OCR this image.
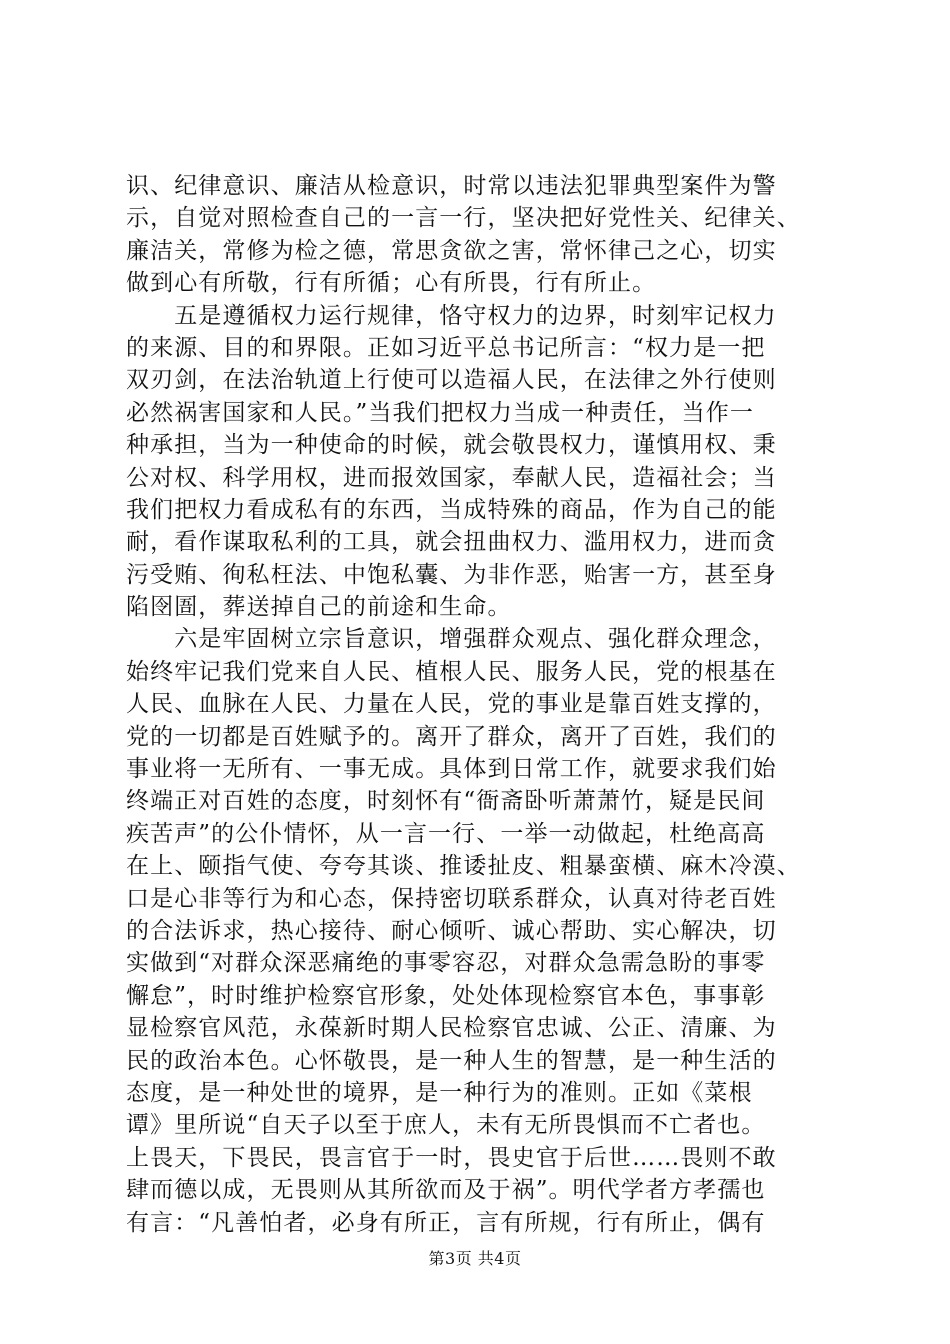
识、纪律意识、廉洁从检意识，时常以违法犯罪典型案件为警
示，自觉对照检查自己的一言一行，坚决把好党性关、纪律关、
廉洁关，常修为检之德，常思贪欲之害，常怀律己之心，切实
做到心有所敬，行有所循；心有所畏，行有所止。
　　五是遵循权力运行规律，恪守权力的边界，时刻牢记权力
的来源、目的和界限。正如习近平总书记所言：“权力是一把
双刃剑，在法治轨道上行使可以造福人民，在法律之外行使则
必然祸害国家和人民。”当我们把权力当成一种责任，当作一
种承担，当为一种使命的时候，就会敬畏权力，谨慎用权、秉
公对权、科学用权，进而报效国家，奉献人民，造福社会；当
我们把权力看成私有的东西，当成特殊的商品，作为自己的能
耐，看作谋取私利的工具，就会扭曲权力、滥用权力，进而贪
污受贿、徇私枉法、中饱私囊、为非作恶，贻害一方，甚至身
陷囹圄，葬送掉自己的前途和生命。
　　六是牢固树立宗旨意识，增强群众观点、强化群众理念，
始终牢记我们党来自人民、植根人民、服务人民，党的根基在
人民、血脉在人民、力量在人民，党的事业是靠百姓支撑的，
党的一切都是百姓赋予的。离开了群众，离开了百姓，我们的
事业将一无所有、一事无成。具体到日常工作，就要求我们始
终端正对百姓的态度，时刻怀有“衙斋卧听萧萧竹，疑是民间
疾苦声”的公仆情怀，从一言一行、一举一动做起，杜绝高高
在上、颐指气使、夸夸其谈、推诿扯皮、粗暴蛮横、麻木冷漠、
口是心非等行为和心态，保持密切联系群众，认真对待老百姓
的合法诉求，热心接待、耐心倾听、诚心帮助、实心解决，切
实做到“对群众深恶痛绝的事零容忍，对群众急需急盼的事零
懈怠”，时时维护检察官形象，处处体现检察官本色，事事彰
显检察官风范，永葆新时期人民检察官忠诚、公正、清廉、为
民的政治本色。心怀敬畏，是一种人生的智慧，是一种生活的
态度，是一种处世的境界，是一种行为的准则。正如《菜根
谭》里所说“自天子以至于庶人，未有无所畏惧而不亡者也。
上畏天，下畏民，畏言官于一时，畏史官于后世……畏则不敢
肆而德以成，无畏则从其所欲而及于祸”。明代学者方孝孺也
有言：“凡善怕者，必身有所正，言有所规，行有所止，偶有
第3页 共4页
